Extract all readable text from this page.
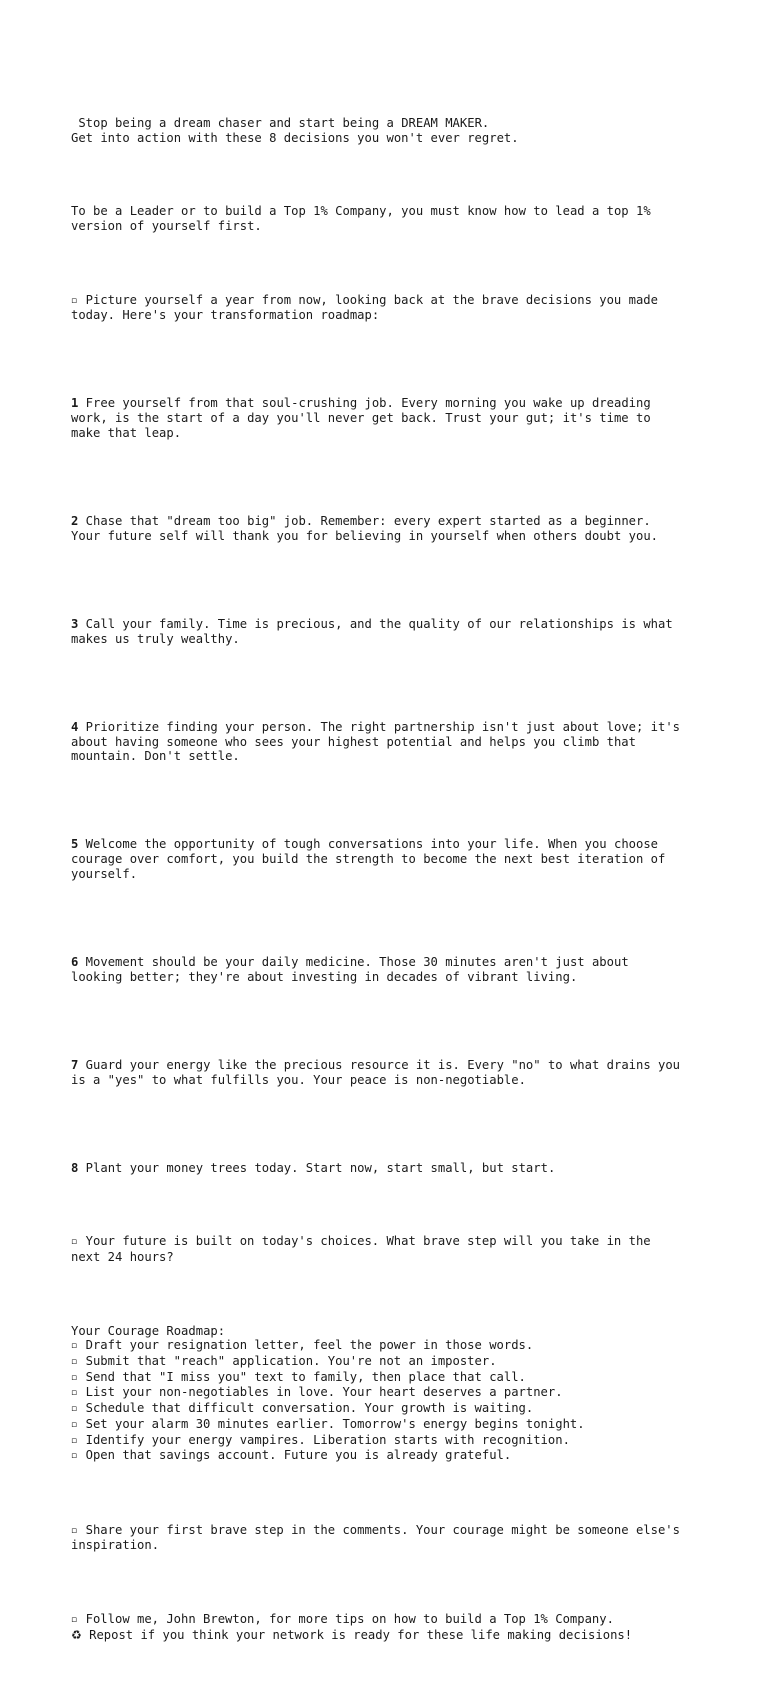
Stop being a dream chaser and start being a DREAM MAKER.
Get into action with these 8 decisions you won't ever regret.

To be a Leader or to build a Top 1% Company, you must know how to lead a top 1%
version of yourself first.

▫ Picture yourself a year from now, looking back at the brave decisions you made
today. Here's your transformation roadmap:

1 Free yourself from that soul-crushing job. Every morning you wake up dreading
work, is the start of a day you'll never get back. Trust your gut; it's time to
make that leap.

2 Chase that "dream too big" job. Remember: every expert started as a beginner.
Your future self will thank you for believing in yourself when others doubt you.

3 Call your family. Time is precious, and the quality of our relationships is what
makes us truly wealthy.

4 Prioritize finding your person. The right partnership isn't just about love; it's
about having someone who sees your highest potential and helps you climb that
mountain. Don't settle.

5 Welcome the opportunity of tough conversations into your life. When you choose
courage over comfort, you build the strength to become the next best iteration of
yourself.

6 Movement should be your daily medicine. Those 30 minutes aren't just about
looking better; they're about investing in decades of vibrant living.

7 Guard your energy like the precious resource it is. Every "no" to what drains you
is a "yes" to what fulfills you. Your peace is non-negotiable.

8 Plant your money trees today. Start now, start small, but start.

▫ Your future is built on today's choices. What brave step will you take in the
next 24 hours?

Your Courage Roadmap:
▫ Draft your resignation letter, feel the power in those words.
▫ Submit that "reach" application. You're not an imposter.
▫ Send that "I miss you" text to family, then place that call.
▫ List your non-negotiables in love. Your heart deserves a partner.
▫ Schedule that difficult conversation. Your growth is waiting.
▫ Set your alarm 30 minutes earlier. Tomorrow's energy begins tonight.
▫ Identify your energy vampires. Liberation starts with recognition.
▫ Open that savings account. Future you is already grateful.

▫ Share your first brave step in the comments. Your courage might be someone else's
inspiration.

▫ Follow me, John Brewton, for more tips on how to build a Top 1% Company.
♻ Repost if you think your network is ready for these life making decisions!
